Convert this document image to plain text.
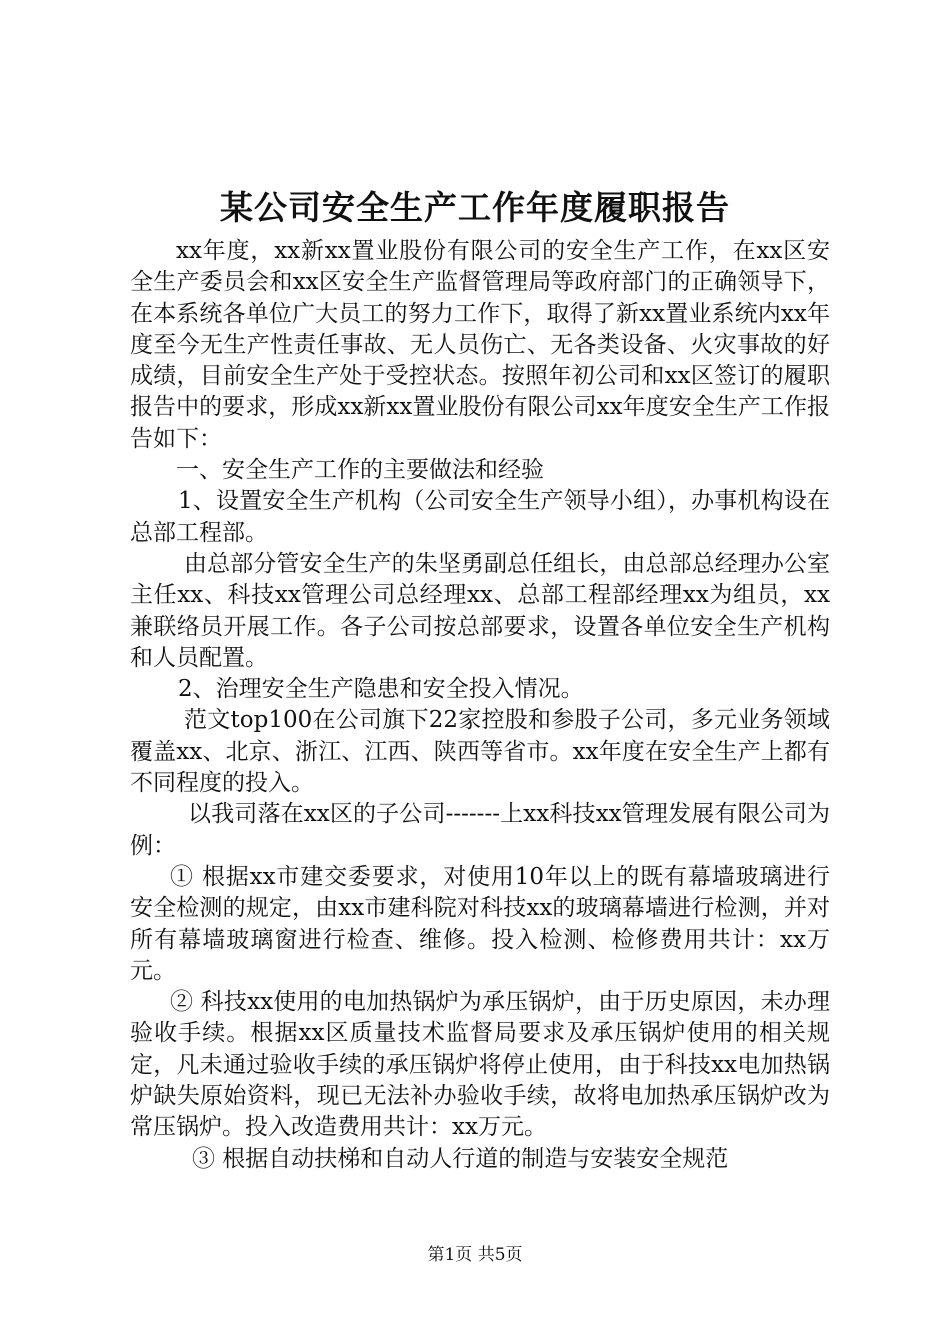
某公司安全生产工作年度履职报告

xx年度，xx新xx置业股份有限公司的安全生产工作，在xx区安全生产委员会和xx区安全生产监督管理局等政府部门的正确领导下，在本系统各单位广大员工的努力工作下，取得了新xx置业系统内xx年度至今无生产性责任事故、无人员伤亡、无各类设备、火灾事故的好成绩，目前安全生产处于受控状态。按照年初公司和xx区签订的履职报告中的要求，形成xx新xx置业股份有限公司xx年度安全生产工作报告如下：

一、安全生产工作的主要做法和经验

1、设置安全生产机构（公司安全生产领导小组），办事机构设在总部工程部。

由总部分管安全生产的朱坚勇副总任组长，由总部总经理办公室主任xx、科技xx管理公司总经理xx、总部工程部经理xx为组员，xx兼联络员开展工作。各子公司按总部要求，设置各单位安全生产机构和人员配置。

2、治理安全生产隐患和安全投入情况。

范文top100在公司旗下22家控股和参股子公司，多元业务领域覆盖xx、北京、浙江、江西、陕西等省市。xx年度在安全生产上都有不同程度的投入。

以我司落在xx区的子公司-------上xx科技xx管理发展有限公司为例：

① 根据xx市建交委要求，对使用10年以上的既有幕墙玻璃进行安全检测的规定，由xx市建科院对科技xx的玻璃幕墙进行检测，并对所有幕墙玻璃窗进行检查、维修。投入检测、检修费用共计：xx万元。

② 科技xx使用的电加热锅炉为承压锅炉，由于历史原因，未办理验收手续。根据xx区质量技术监督局要求及承压锅炉使用的相关规定，凡未通过验收手续的承压锅炉将停止使用，由于科技xx电加热锅炉缺失原始资料，现已无法补办验收手续，故将电加热承压锅炉改为常压锅炉。投入改造费用共计：xx万元。

③ 根据自动扶梯和自动人行道的制造与安装安全规范

第1页 共5页
